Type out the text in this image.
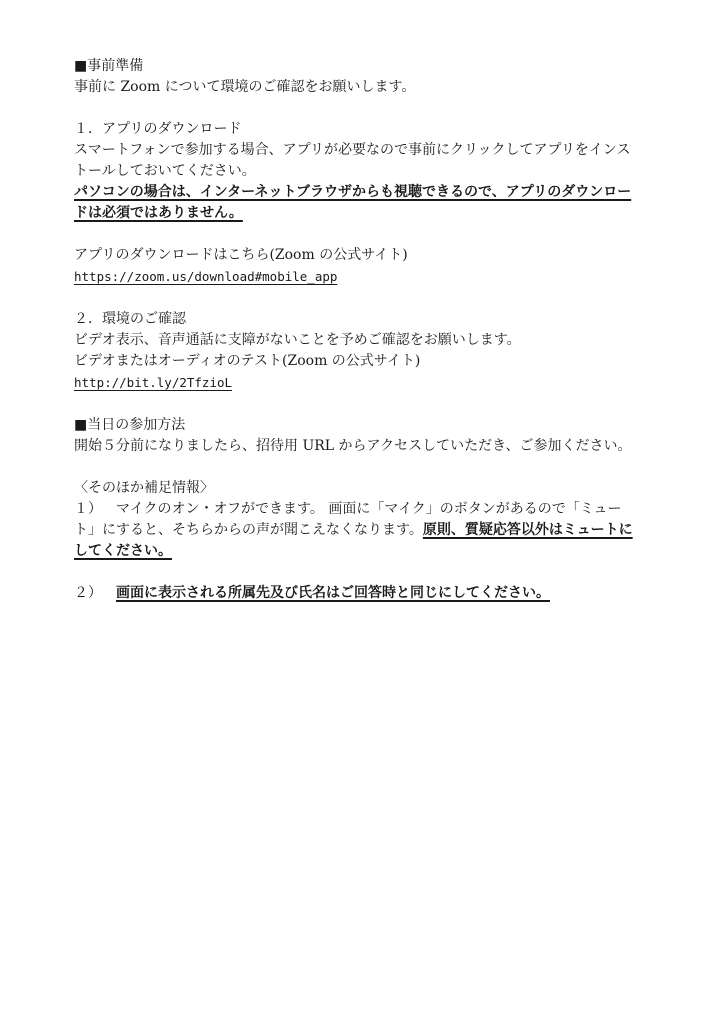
■事前準備

事前に Zoom について環境のご確認をお願いします。

１．アプリのダウンロード

スマートフォンで参加する場合、アプリが必要なので事前にクリックしてアプリをインス

トールしておいてください。

パソコンの場合は、インターネットブラウザからも視聴できるので、アプリのダウンロー

ドは必須ではありません。

アプリのダウンロードはこちら(Zoom の公式サイト)

https://zoom.us/download#mobile_app

２．環境のご確認

ビデオ表示、音声通話に支障がないことを予めご確認をお願いします。

ビデオまたはオーディオのテスト(Zoom の公式サイト)

http://bit.ly/2TfzioL

■当日の参加方法

開始５分前になりましたら、招待用 URL からアクセスしていただき、ご参加ください。

〈そのほか補足情報〉

１） マイクのオン・オフができます。 画面に「マイク」のボタンがあるので「ミュー

ト」にすると、そちらからの声が聞こえなくなります。原則、質疑応答以外はミュートに

してください。

２） 画面に表示される所属先及び氏名はご回答時と同じにしてください。
